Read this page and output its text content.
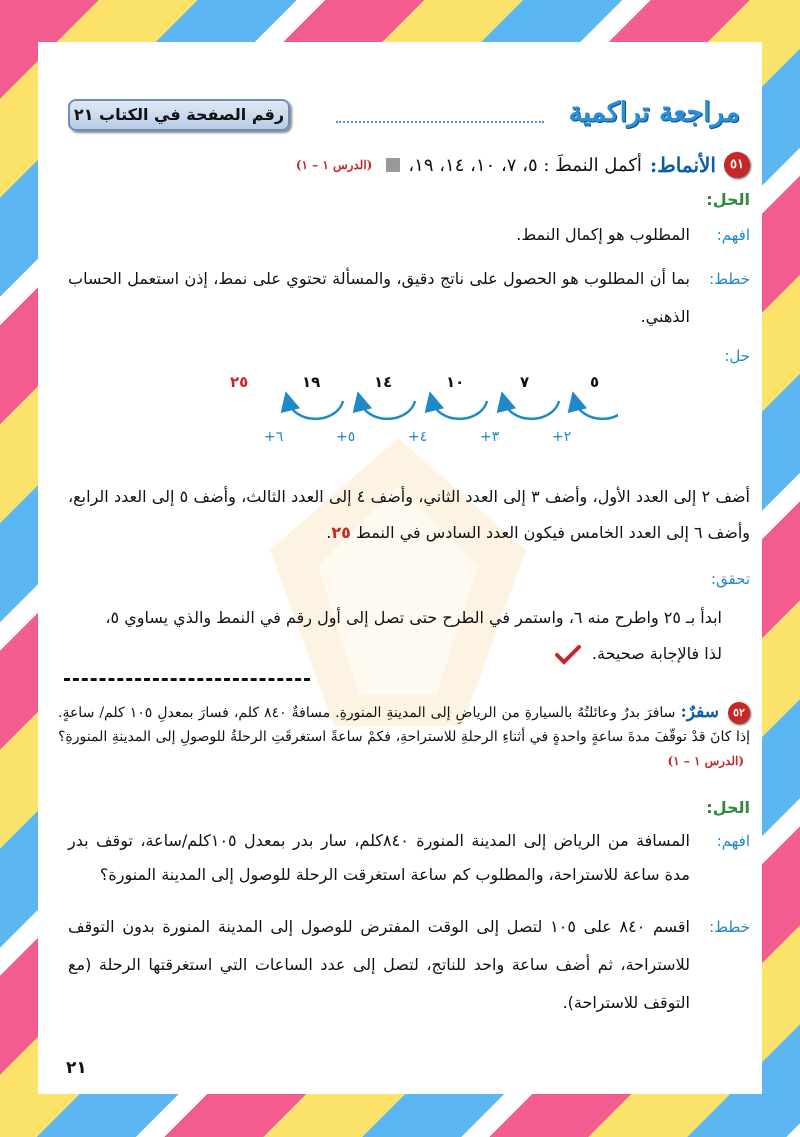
مراجعة تراكمية
رقم الصفحة في الكتاب ٢١
٥١
الأنماط:
أكمل النمطَ : ٥، ٧، ١٠، ١٤، ١٩،
(الدرس ١ – ١)
الحل:
افهم:
المطلوب هو إكمال النمط.
خطط:
بما أن المطلوب هو الحصول على ناتج دقيق، والمسألة تحتوي على نمط، إذن استعمل الحساب الذهني.
حل:
٢٥	١٩	١٤	١٠	٧	٥
+٦	+٥	+٤	+٣	+٢
أضف ٢ إلى العدد الأول، وأضف ٣ إلى العدد الثاني، وأضف ٤ إلى العدد الثالث، وأضف ٥ إلى العدد الرابع، وأضف ٦ إلى العدد الخامس فيكون العدد السادس في النمط ٢٥.
تحقق:
ابدأ بـ ٢٥ واطرح منه ٦، واستمر في الطرح حتى تصل إلى أول رقم في النمط والذي يساوي ٥،
لذا فالإجابة صحيحة.
٥٢ سفرٌ: سافرَ بدرٌ وعائلتُهُ بالسيارةِ من الرياضِ إلى المدينةِ المنورةِ. مسافةٌ ٨٤٠ كلم، فسارَ بمعدلِ ١٠٥ كلم/ ساعةٍ. إذا كانَ قدْ توقّفَ مدةَ ساعةٍ واحدةٍ في أثناءِ الرحلةِ للاستراحةِ، فكمْ ساعةً استغرقَتِ الرحلةُ للوصولِ إلى المدينةِ المنورةِ؟ (الدرس ١ – ١)
الحل:
افهم:
المسافة من الرياض إلى المدينة المنورة ٨٤٠كلم، سار بدر بمعدل ١٠٥كلم/ساعة، توقف بدر مدة ساعة للاستراحة، والمطلوب كم ساعة استغرقت الرحلة للوصول إلى المدينة المنورة؟
خطط:
اقسم ٨٤٠ على ١٠٥ لتصل إلى الوقت المفترض للوصول إلى المدينة المنورة بدون التوقف للاستراحة، ثم أضف ساعة واحد للناتج، لتصل إلى عدد الساعات التي استغرقتها الرحلة (مع التوقف للاستراحة).
٢١
